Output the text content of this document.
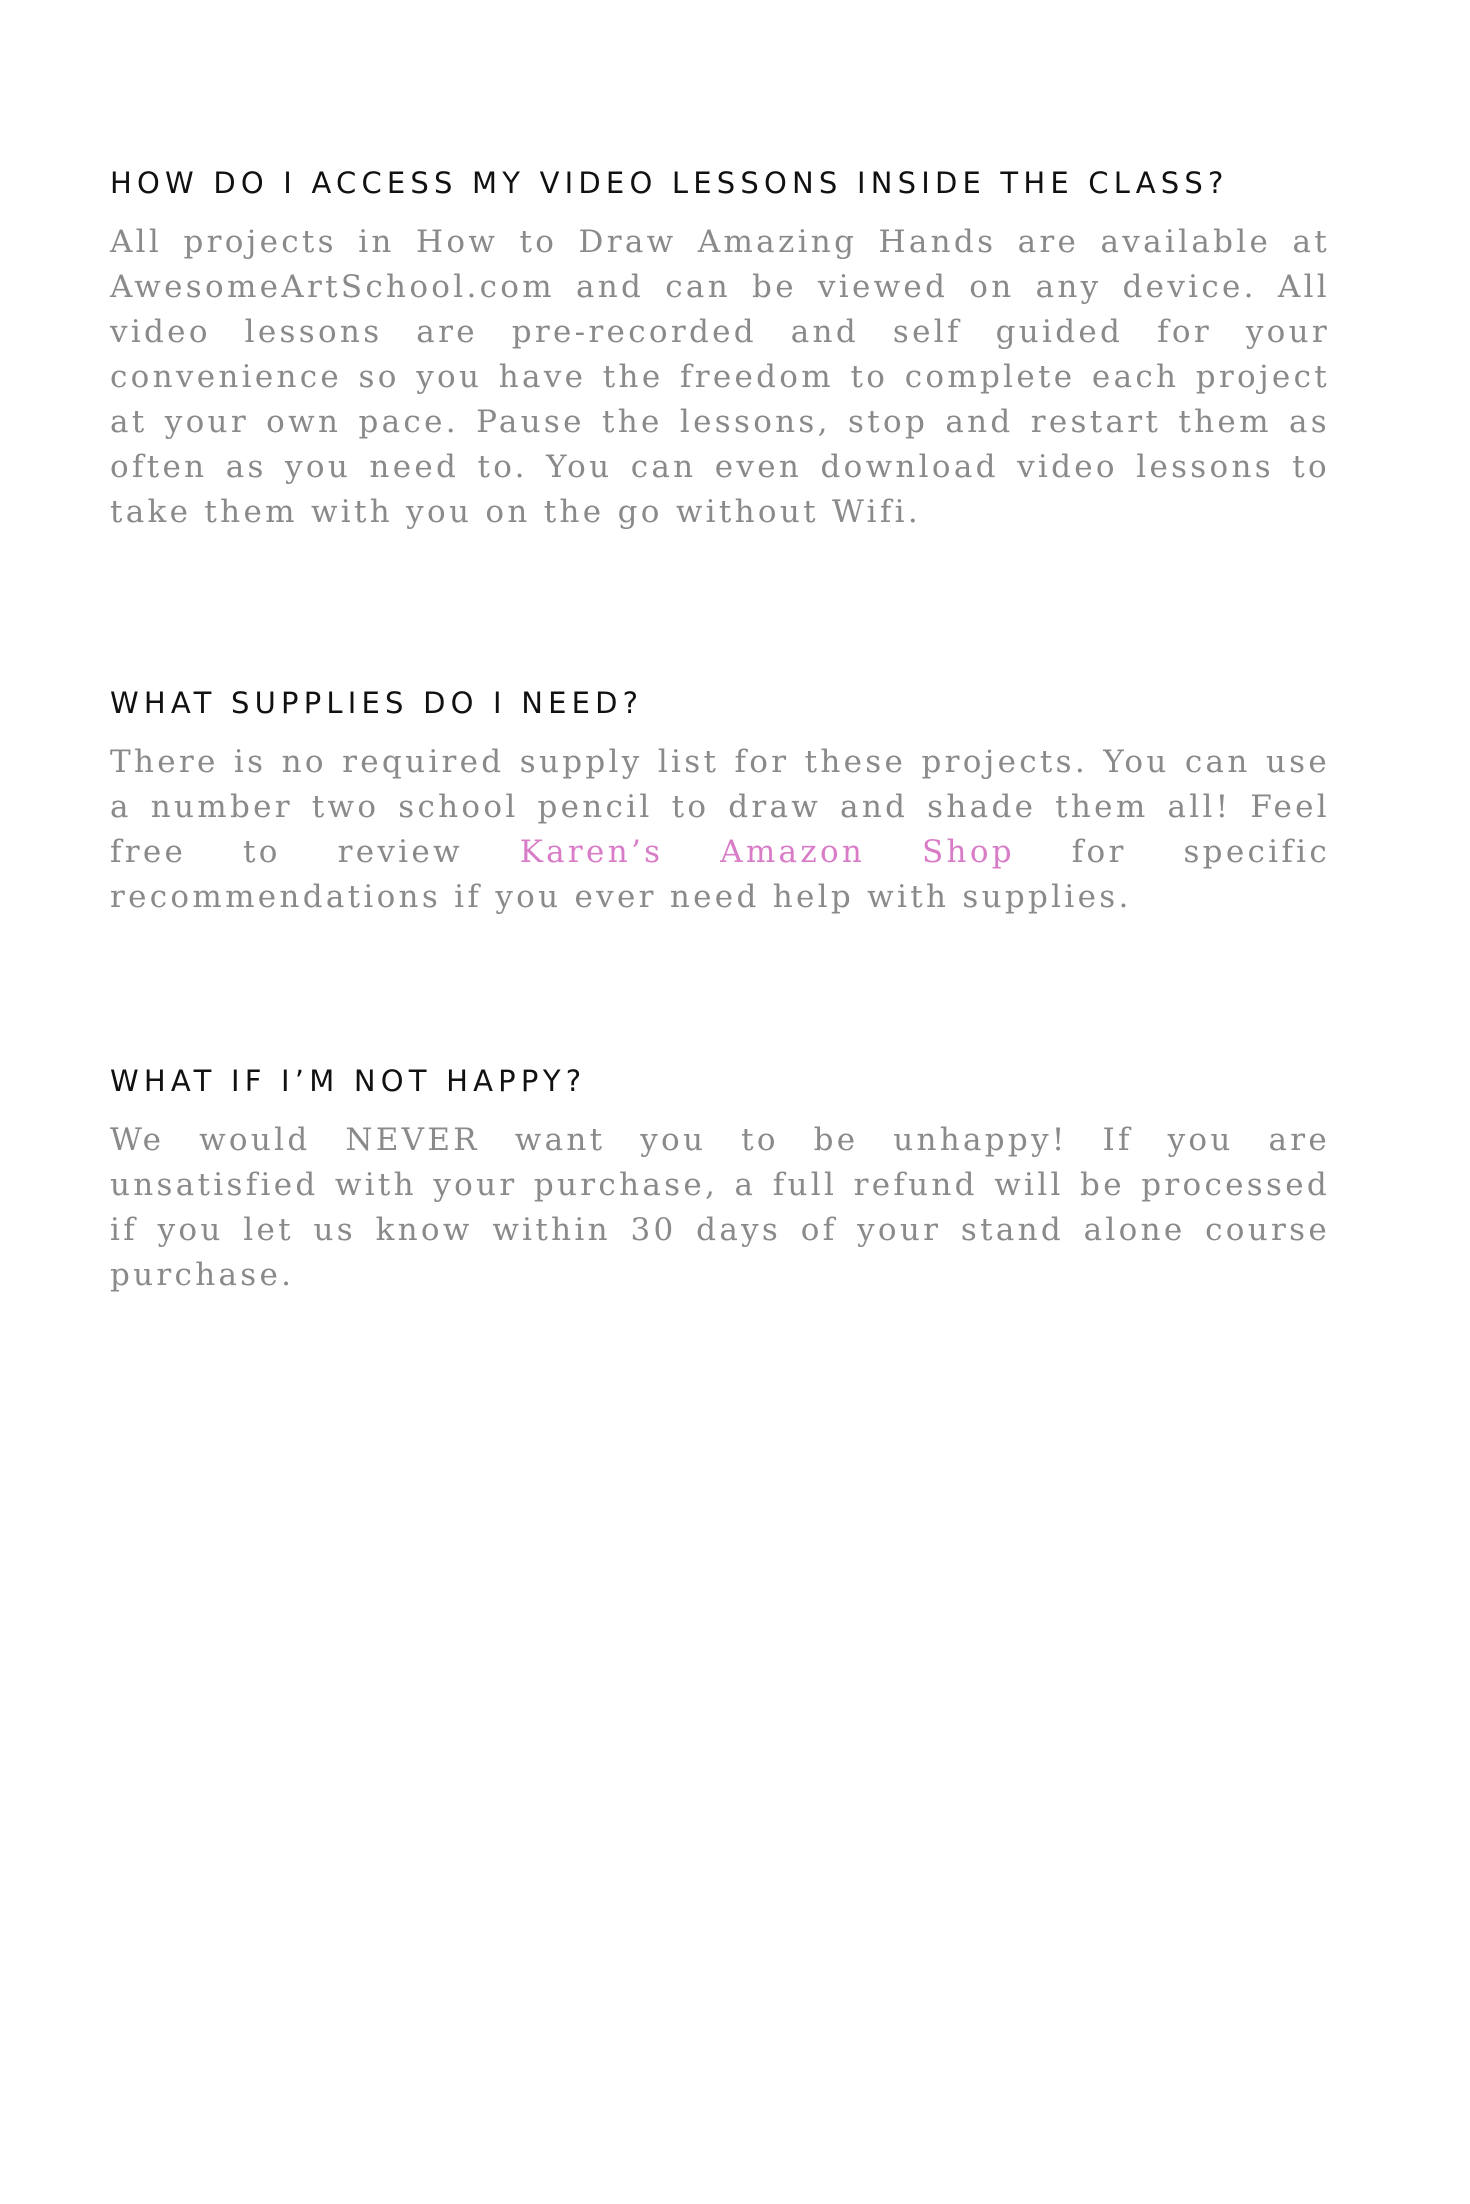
HOW DO I ACCESS MY VIDEO LESSONS INSIDE THE CLASS?

All projects in How to Draw Amazing Hands are available at AwesomeArtSchool.com and can be viewed on any device. All video lessons are pre-recorded and self guided for your convenience so you have the freedom to complete each project at your own pace. Pause the lessons, stop and restart them as often as you need to. You can even download video lessons to take them with you on the go without Wifi.

WHAT SUPPLIES DO I NEED?

There is no required supply list for these projects. You can use a number two school pencil to draw and shade them all! Feel free to review Karen’s Amazon Shop for specific recommendations if you ever need help with supplies.

WHAT IF I’M NOT HAPPY?

We would NEVER want you to be unhappy! If you are unsatisfied with your purchase, a full refund will be processed if you let us know within 30 days of your stand alone course purchase.
